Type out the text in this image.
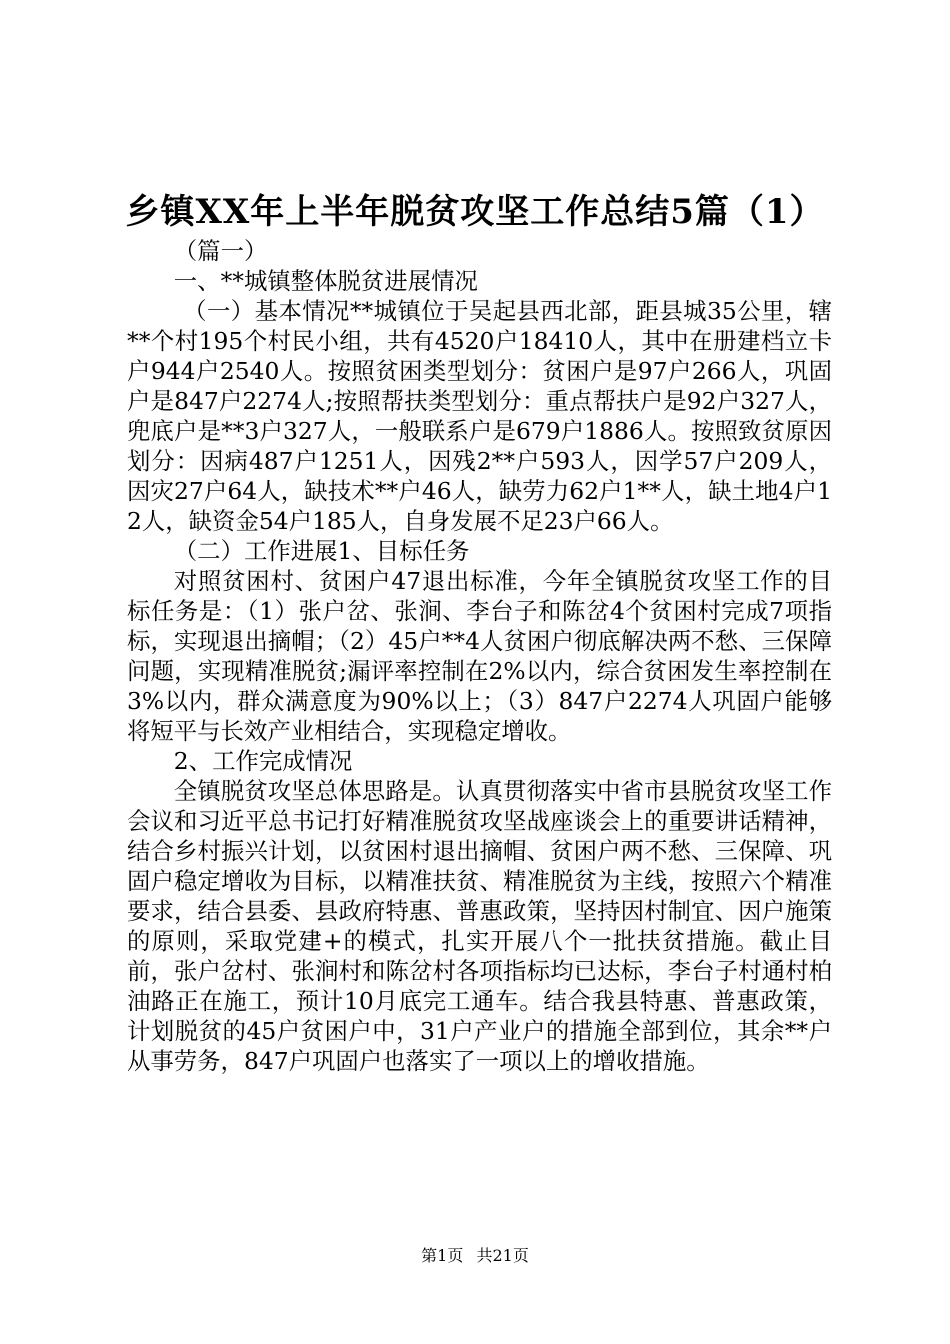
乡镇XX年上半年脱贫攻坚工作总结5篇（1）

（篇一）

一、**城镇整体脱贫进展情况

（一）基本情况**城镇位于吴起县西北部，距县城35公里，辖**个村195个村民小组，共有4520户18410人，其中在册建档立卡户944户2540人。按照贫困类型划分：贫困户是97户266人，巩固户是847户2274人;按照帮扶类型划分：重点帮扶户是92户327人，兜底户是**3户327人，一般联系户是679户1886人。按照致贫原因划分：因病487户1251人，因残2**户593人，因学57户209人，因灾27户64人，缺技术**户46人，缺劳力62户1**人，缺土地4户12人，缺资金54户185人，自身发展不足23户66人。

（二）工作进展1、目标任务

对照贫困村、贫困户47退出标准，今年全镇脱贫攻坚工作的目标任务是：（1）张户岔、张涧、李台子和陈岔4个贫困村完成7项指标，实现退出摘帽；（2）45户**4人贫困户彻底解决两不愁、三保障问题，实现精准脱贫;漏评率控制在2%以内，综合贫困发生率控制在3%以内，群众满意度为90%以上；（3）847户2274人巩固户能够将短平与长效产业相结合，实现稳定增收。

2、工作完成情况

全镇脱贫攻坚总体思路是。认真贯彻落实中省市县脱贫攻坚工作会议和习近平总书记打好精准脱贫攻坚战座谈会上的重要讲话精神，结合乡村振兴计划，以贫困村退出摘帽、贫困户两不愁、三保障、巩固户稳定增收为目标，以精准扶贫、精准脱贫为主线，按照六个精准要求，结合县委、县政府特惠、普惠政策，坚持因村制宜、因户施策的原则，采取党建+的模式，扎实开展八个一批扶贫措施。截止目前，张户岔村、张涧村和陈岔村各项指标均已达标，李台子村通村柏油路正在施工，预计10月底完工通车。结合我县特惠、普惠政策，计划脱贫的45户贫困户中，31户产业户的措施全部到位，其余**户从事劳务，847户巩固户也落实了一项以上的增收措施。

第1页 共21页
